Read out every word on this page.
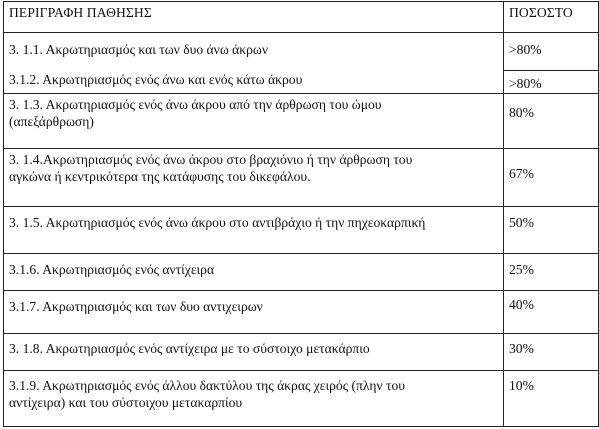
ΠΕΡΙΓΡΑΦΗ ΠΑΘΗΣΗΣ	ΠΟΣΟΣΤΟ
3. 1.1. Ακρωτηριασμός και των δυο άνω άκρων	>80%
3.1.2. Ακρωτηριασμός ενός άνω και ενός κάτω άκρου	>80%

3. 1.3. Ακρωτηριασμός ενός άνω άκρου από την άρθρωση του ώμου
(απεξάρθρωση)	80%

3. 1.4.Ακρωτηριασμός ενός άνω άκρου στο βραχιόνιο ή την άρθρωση του
αγκώνα ή κεντρικότερα της κατάφυσης του δικεφάλου.	67%
3. 1.5. Ακρωτηριασμός ενός άνω άκρου στο αντιβράχιο ή την πηχεοκαρπική	50%
3.1.6. Ακρωτηριασμός ενός αντίχειρα	25%
3.1.7. Ακρωτηριασμός και των δυο αντιχειρων	40%
3. 1.8. Ακρωτηριασμός ενός αντίχειρα με το σύστοιχο μετακάρπιο	30%

3.1.9. Ακρωτηριασμός ενός άλλου δακτύλου της άκρας χειρός (πλην του
αντίχειρα) και του σύστοιχου μετακαρπίου	10%
